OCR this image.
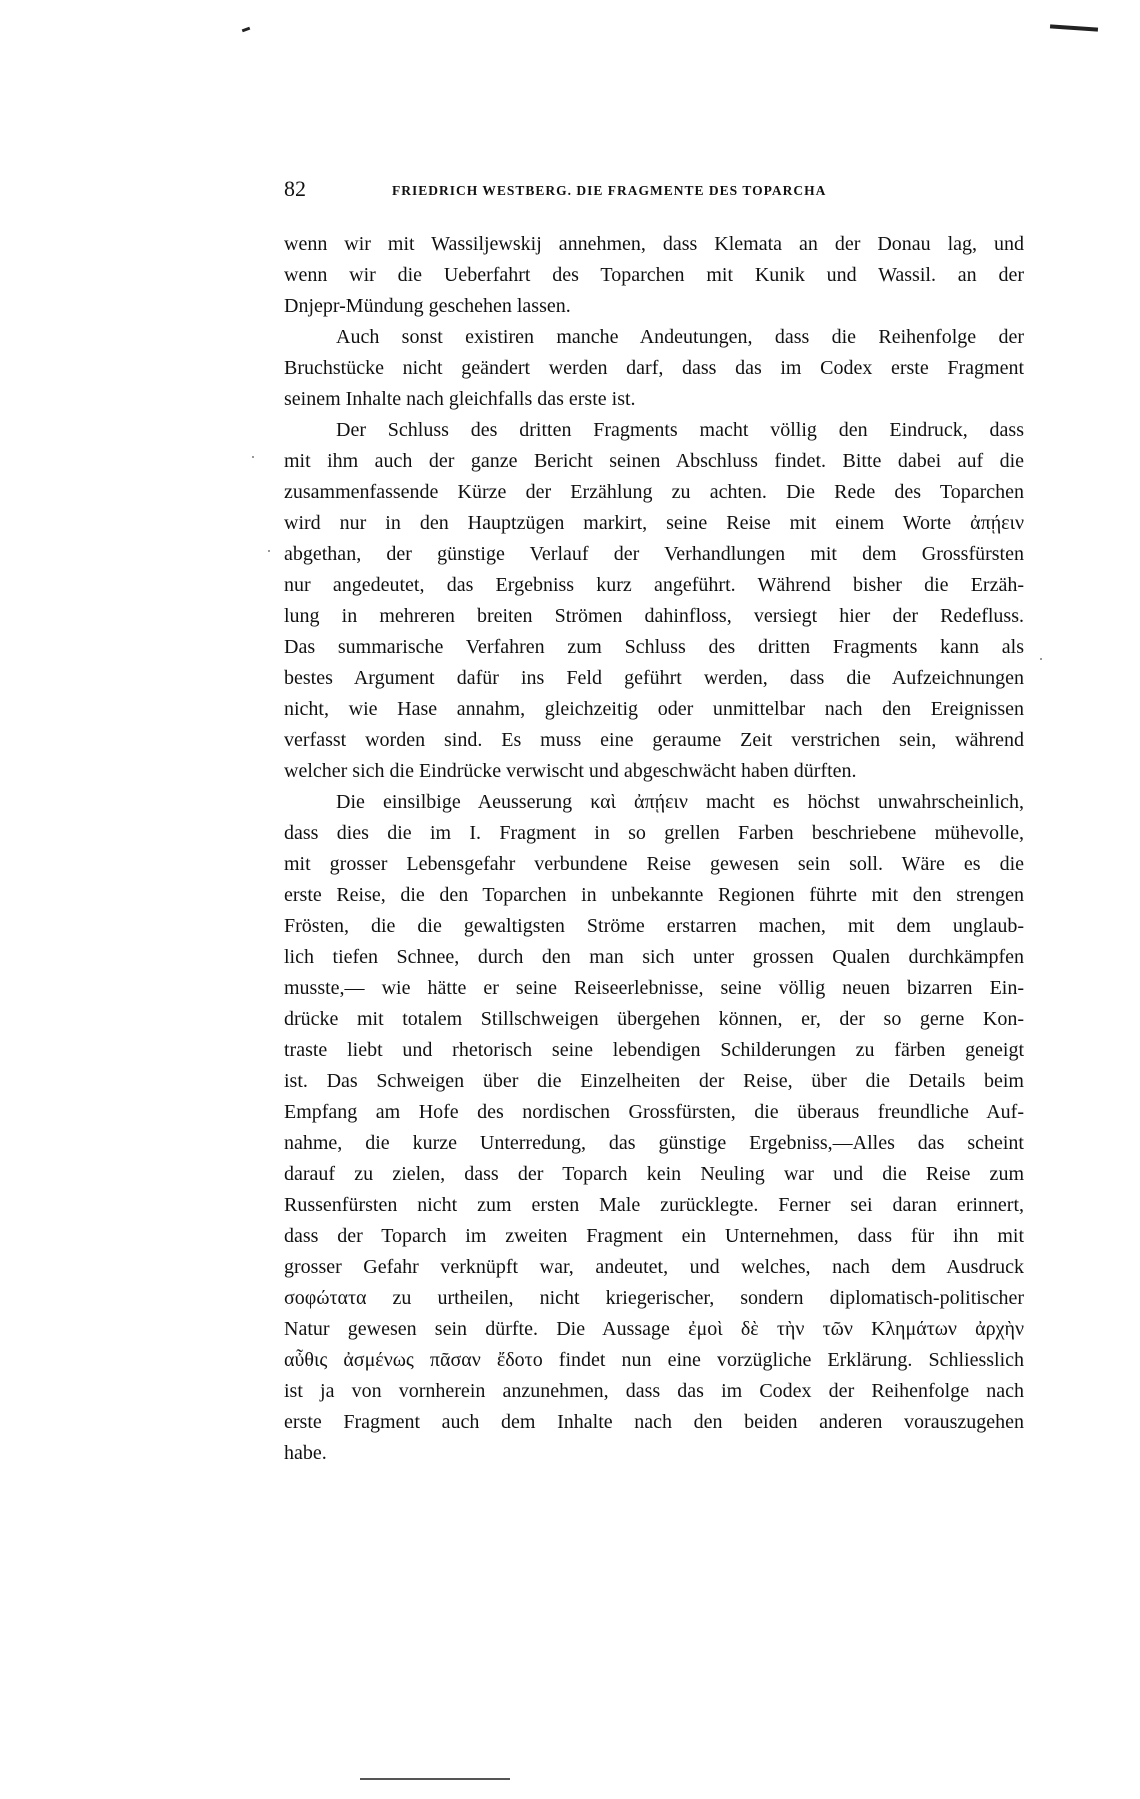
82	FRIEDRICH WESTBERG. DIE FRAGMENTE DES TOPARCHA
wenn wir mit Wassiljewskij annehmen, dass Klemata an der Donau lag, und
wenn wir die Ueberfahrt des Toparchen mit Kunik und Wassil. an der
Dnjepr-Mündung geschehen lassen.
Auch sonst existiren manche Andeutungen, dass die Reihenfolge der
Bruchstücke nicht geändert werden darf, dass das im Codex erste Fragment
seinem Inhalte nach gleichfalls das erste ist.
Der Schluss des dritten Fragments macht völlig den Eindruck, dass
mit ihm auch der ganze Bericht seinen Abschluss findet. Bitte dabei auf die
zusammenfassende Kürze der Erzählung zu achten. Die Rede des Toparchen
wird nur in den Hauptzügen markirt, seine Reise mit einem Worte ἀπῄειν
abgethan, der günstige Verlauf der Verhandlungen mit dem Grossfürsten
nur angedeutet, das Ergebniss kurz angeführt. Während bisher die Erzäh-
lung in mehreren breiten Strömen dahinfloss, versiegt hier der Redefluss.
Das summarische Verfahren zum Schluss des dritten Fragments kann als
bestes Argument dafür ins Feld geführt werden, dass die Aufzeichnungen
nicht, wie Hase annahm, gleichzeitig oder unmittelbar nach den Ereignissen
verfasst worden sind. Es muss eine geraume Zeit verstrichen sein, während
welcher sich die Eindrücke verwischt und abgeschwächt haben dürften.
Die einsilbige Aeusserung καὶ ἀπῄειν macht es höchst unwahrscheinlich,
dass dies die im I. Fragment in so grellen Farben beschriebene mühevolle,
mit grosser Lebensgefahr verbundene Reise gewesen sein soll. Wäre es die
erste Reise, die den Toparchen in unbekannte Regionen führte mit den strengen
Frösten, die die gewaltigsten Ströme erstarren machen, mit dem unglaub-
lich tiefen Schnee, durch den man sich unter grossen Qualen durchkämpfen
musste,— wie hätte er seine Reiseerlebnisse, seine völlig neuen bizarren Ein-
drücke mit totalem Stillschweigen übergehen können, er, der so gerne Kon-
traste liebt und rhetorisch seine lebendigen Schilderungen zu färben geneigt
ist. Das Schweigen über die Einzelheiten der Reise, über die Details beim
Empfang am Hofe des nordischen Grossfürsten, die überaus freundliche Auf-
nahme, die kurze Unterredung, das günstige Ergebniss,—Alles das scheint
darauf zu zielen, dass der Toparch kein Neuling war und die Reise zum
Russenfürsten nicht zum ersten Male zurücklegte. Ferner sei daran erinnert,
dass der Toparch im zweiten Fragment ein Unternehmen, dass für ihn mit
grosser Gefahr verknüpft war, andeutet, und welches, nach dem Ausdruck
σοφώτατα zu urtheilen, nicht kriegerischer, sondern diplomatisch-politischer
Natur gewesen sein dürfte. Die Aussage ἐμοὶ δὲ τὴν τῶν Κλημάτων ἀρχὴν
αὖθις ἀσμένως πᾶσαν ἔδοτο findet nun eine vorzügliche Erklärung. Schliesslich
ist ja von vornherein anzunehmen, dass das im Codex der Reihenfolge nach
erste Fragment auch dem Inhalte nach den beiden anderen vorauszugehen
habe.
